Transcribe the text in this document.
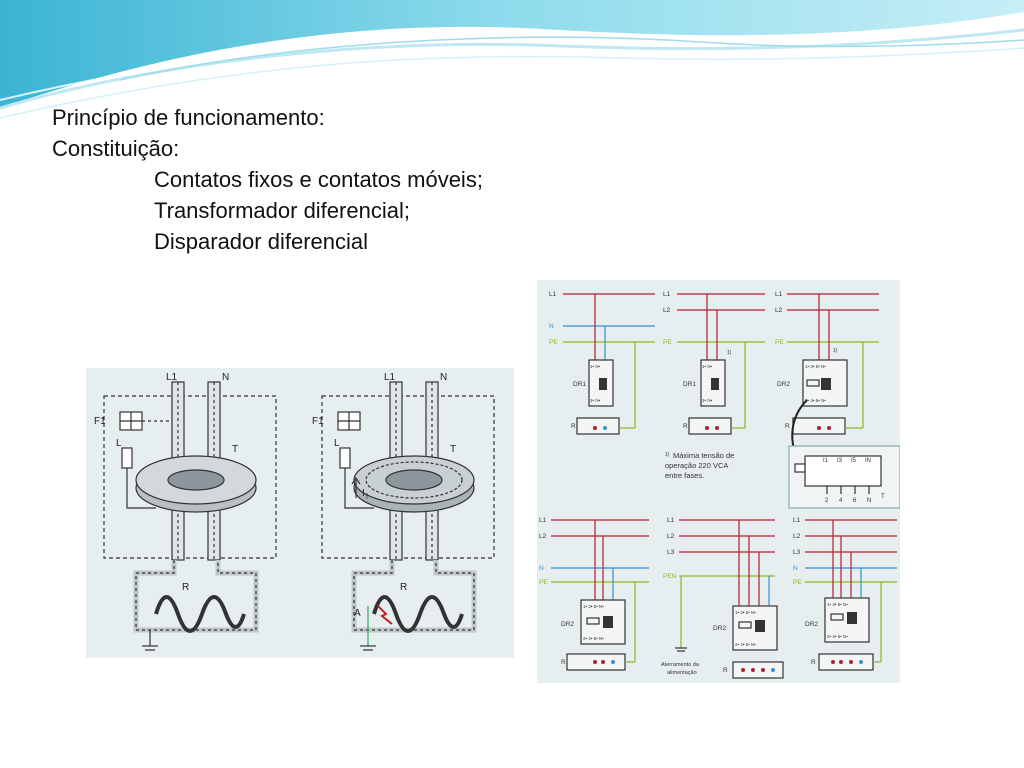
Princípio de funcionamento:
Constituição:
Contatos fixos e contatos móveis;
Transformador diferencial;
Disparador diferencial
L1	N
F1
L
T
R
L1	N
F1
L
T
R
A
I f
L1
N
PE
DR1
R
1• N•
2• N•
L1
L2
PE
1)
DR1
R
1• N•
2• N•
L1
L2
PE
1)
DR2
R
1• 3• 5• N•
2• 4• 6• N•
1) Máxima tensão de
operação 220 VCA
entre fases.
I1 I3 I5 IN
2 4 6 N
T
L1
L2
N
PE
DR2
R
1• 3• 5• N•
2• 4• 6• N•
L1
L2
L3
PEN
DR2
R
1• 3• 5• N•
2• 4• 6• N•
Aterramento da
alimentação
L1
L2
L3
N
PE
DR2
R
1• 3• 5• N•
2• 4• 6• N•
